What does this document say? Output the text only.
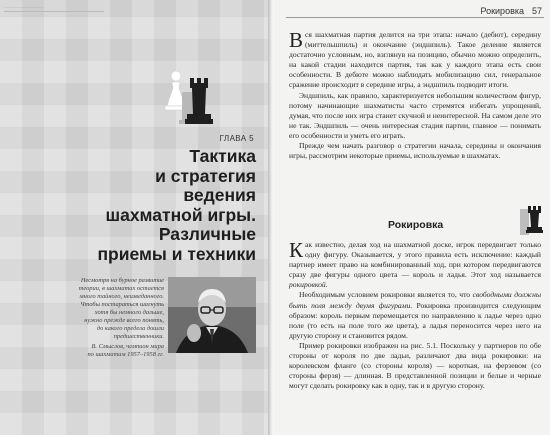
……………………
ГЛАВА 5
Тактика
и стратегия
ведения
шахматной игры.
Различные
приемы и техники
Несмотря на бурное развитие
теории, в шахматах остается
много тайного, неизведанного.
Чтобы постараться шагнуть
хотя бы немного дальше,
нужно прежде всего понять,
до какого предела дошли
предшественники.
В. Смыслов, чемпион мира
по шахматам 1957–1958 гг.
Рокировка 57

Вся шахматная партия делится на три этапа: начало (дебют), середину (миттельшпиль) и окончание (эндшпиль). Такое деление является достаточно условным, но, взглянув на позицию, обычно можно определить, на какой стадии находится партия, так как у каждого этапа есть свои особенности. В дебюте можно наблюдать мобилизацию сил, генеральное сражение происходит в середине игры, а эндшпиль подводит итоги.

Эндшпиль, как правило, характеризуется небольшим количеством фигур, потому начинающие шахматисты часто стремятся избегать упрощений, думая, что после них игра станет скучной и неинтересной. На самом деле это не так. Эндшпиль — очень интересная стадия партии, главное — понимать его особенности и уметь его играть.

Прежде чем начать разговор о стратегии начала, середины и окончания игры, рассмотрим некоторые приемы, используемые в шахматах.

Рокировка

Как известно, делая ход на шахматной доске, игрок передвигает только одну фигуру. Оказывается, у этого правила есть исключение: каждый партнер имеет право на комбинированный ход, при котором передвигаются сразу две фигуры одного цвета — король и ладья. Этот ход называется рокировкой.

Необходимым условием рокировки является то, что свободными должны быть поля между двумя фигурами. Рокировка производится следующим образом: король первым перемещается по направлению к ладье через одно поле (то есть на поле того же цвета), а ладья переносится через него на другую сторону и становится рядом.

Пример рокировки изображен на рис. 5.1. Поскольку у партнеров по обе стороны от короля по две ладьи, различают два вида рокировки: на королевском фланге (со стороны короля) — короткая, на ферзевом (со стороны ферзя) — длинная. В представленной позиции и белые и черные могут сделать рокировку как в одну, так и в другую сторону.
